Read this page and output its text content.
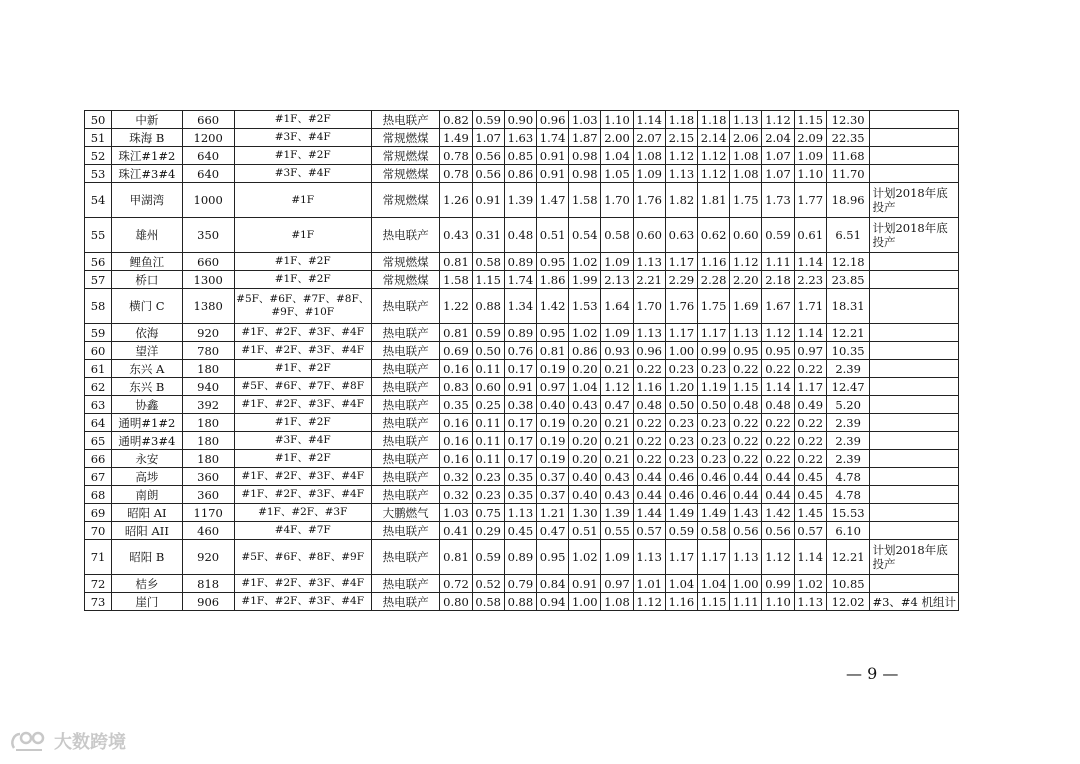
50	中新	660	#1F、#2F	热电联产	0.82	0.59	0.90	0.96	1.03	1.10	1.14	1.18	1.18	1.13	1.12	1.15	12.30	
51	珠海 B	1200	#3F、#4F	常规燃煤	1.49	1.07	1.63	1.74	1.87	2.00	2.07	2.15	2.14	2.06	2.04	2.09	22.35	
52	珠江#1#2	640	#1F、#2F	常规燃煤	0.78	0.56	0.85	0.91	0.98	1.04	1.08	1.12	1.12	1.08	1.07	1.09	11.68	
53	珠江#3#4	640	#3F、#4F	常规燃煤	0.78	0.56	0.86	0.91	0.98	1.05	1.09	1.13	1.12	1.08	1.07	1.10	11.70	
54	甲湖湾	1000	#1F	常规燃煤	1.26	0.91	1.39	1.47	1.58	1.70	1.76	1.82	1.81	1.75	1.73	1.77	18.96	计划2018年底投产
55	雄州	350	#1F	热电联产	0.43	0.31	0.48	0.51	0.54	0.58	0.60	0.63	0.62	0.60	0.59	0.61	6.51	计划2018年底投产
56	鲤鱼江	660	#1F、#2F	常规燃煤	0.81	0.58	0.89	0.95	1.02	1.09	1.13	1.17	1.16	1.12	1.11	1.14	12.18	
57	桥口	1300	#1F、#2F	常规燃煤	1.58	1.15	1.74	1.86	1.99	2.13	2.21	2.29	2.28	2.20	2.18	2.23	23.85	
58	横门 C	1380	#5F、#6F、#7F、#8F、#9F、#10F	热电联产	1.22	0.88	1.34	1.42	1.53	1.64	1.70	1.76	1.75	1.69	1.67	1.71	18.31	
59	依海	920	#1F、#2F、#3F、#4F	热电联产	0.81	0.59	0.89	0.95	1.02	1.09	1.13	1.17	1.17	1.13	1.12	1.14	12.21	
60	望洋	780	#1F、#2F、#3F、#4F	热电联产	0.69	0.50	0.76	0.81	0.86	0.93	0.96	1.00	0.99	0.95	0.95	0.97	10.35	
61	东兴 A	180	#1F、#2F	热电联产	0.16	0.11	0.17	0.19	0.20	0.21	0.22	0.23	0.23	0.22	0.22	0.22	2.39	
62	东兴 B	940	#5F、#6F、#7F、#8F	热电联产	0.83	0.60	0.91	0.97	1.04	1.12	1.16	1.20	1.19	1.15	1.14	1.17	12.47	
63	协鑫	392	#1F、#2F、#3F、#4F	热电联产	0.35	0.25	0.38	0.40	0.43	0.47	0.48	0.50	0.50	0.48	0.48	0.49	5.20	
64	通明#1#2	180	#1F、#2F	热电联产	0.16	0.11	0.17	0.19	0.20	0.21	0.22	0.23	0.23	0.22	0.22	0.22	2.39	
65	通明#3#4	180	#3F、#4F	热电联产	0.16	0.11	0.17	0.19	0.20	0.21	0.22	0.23	0.23	0.22	0.22	0.22	2.39	
66	永安	180	#1F、#2F	热电联产	0.16	0.11	0.17	0.19	0.20	0.21	0.22	0.23	0.23	0.22	0.22	0.22	2.39	
67	高埗	360	#1F、#2F、#3F、#4F	热电联产	0.32	0.23	0.35	0.37	0.40	0.43	0.44	0.46	0.46	0.44	0.44	0.45	4.78	
68	南朗	360	#1F、#2F、#3F、#4F	热电联产	0.32	0.23	0.35	0.37	0.40	0.43	0.44	0.46	0.46	0.44	0.44	0.45	4.78	
69	昭阳 AI	1170	#1F、#2F、#3F	大鹏燃气	1.03	0.75	1.13	1.21	1.30	1.39	1.44	1.49	1.49	1.43	1.42	1.45	15.53	
70	昭阳 AII	460	#4F、#7F	热电联产	0.41	0.29	0.45	0.47	0.51	0.55	0.57	0.59	0.58	0.56	0.56	0.57	6.10	
71	昭阳 B	920	#5F、#6F、#8F、#9F	热电联产	0.81	0.59	0.89	0.95	1.02	1.09	1.13	1.17	1.17	1.13	1.12	1.14	12.21	计划2018年底投产
72	桔乡	818	#1F、#2F、#3F、#4F	热电联产	0.72	0.52	0.79	0.84	0.91	0.97	1.01	1.04	1.04	1.00	0.99	1.02	10.85	
73	崖门	906	#1F、#2F、#3F、#4F	热电联产	0.80	0.58	0.88	0.94	1.00	1.08	1.12	1.16	1.15	1.11	1.10	1.13	12.02	#3、#4 机组计
— 9 —
大数跨境
